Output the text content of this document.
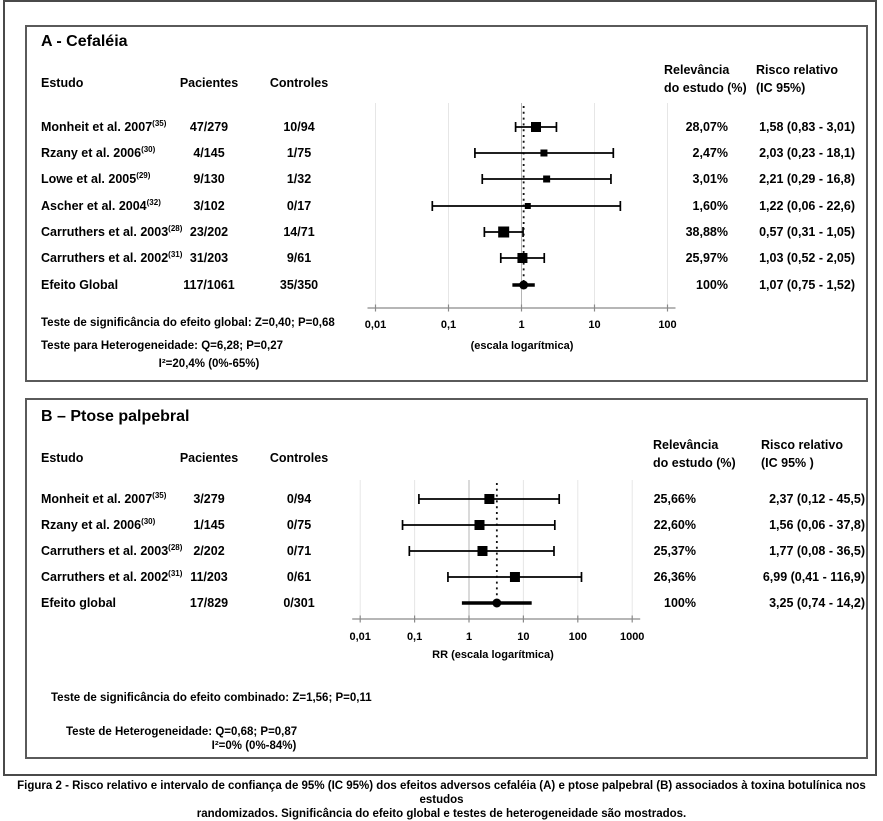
A - Cefaléia
Estudo	Pacientes	Controles
Relevância
do estudo (%)
Risco relativo
(IC 95%)
Monheit et al. 2007$^{(35)}$	47/279	10/94	28,07%	1,58 (0,83 - 3,01)
Rzany et al. 2006$^{(30)}$	4/145	1/75	2,47%	2,03 (0,23 - 18,1)
Lowe et al. 2005$^{(29)}$	9/130	1/32	3,01%	2,21 (0,29 - 16,8)
Ascher et al. 2004$^{(32)}$	3/102	0/17	1,60%	1,22 (0,06 - 22,6)
Carruthers et al. 2003$^{(28)}$ 23/202	14/71	38,88%	0,57 (0,31 - 1,05)
Carruthers et al. 2002$^{(31)}$ 31/203	9/61	25,97%	1,03 (0,52 - 2,05)
Efeito Global	117/1061	35/350	100%	1,07 (0,75 - 1,52)
Teste de significância do efeito global: Z=0,40; P=0,68
Teste para Heterogeneidade: Q=6,28; P=0,27
I²=20,4% (0%-65%)
0,01	0,1	1	10	100
(escala logarítmica)
B – Ptose palpebral
Estudo	Pacientes	Controles
Relevância
do estudo (%)
Risco relativo
(IC 95% )
Monheit et al. 2007$^{(35)}$	3/279	0/94	25,66%	2,37 (0,12 - 45,5)
Rzany et al. 2006$^{(30)}$	1/145	0/75	22,60%	1,56 (0,06 - 37,8)
Carruthers et al. 2003$^{(28)}$ 2/202	0/71	25,37%	1,77 (0,08 - 36,5)
Carruthers et al. 2002$^{(31)}$ 11/203	0/61	26,36%	6,99 (0,41 - 116,9)
Efeito global	17/829	0/301	100%	3,25 (0,74 - 14,2)
Teste de significância do efeito combinado: Z=1,56; P=0,11
Teste de Heterogeneidade: Q=0,68; P=0,87
I²=0% (0%-84%)
0,01	0,1	1	10	100	1000
RR (escala logarítmica)
Figura 2 - Risco relativo e intervalo de confiança de 95% (IC 95%) dos efeitos adversos cefaléia (A) e ptose palpebral (B) associados à toxina botulínica nos estudos
randomizados. Significância do efeito global e testes de heterogeneidade são mostrados.
